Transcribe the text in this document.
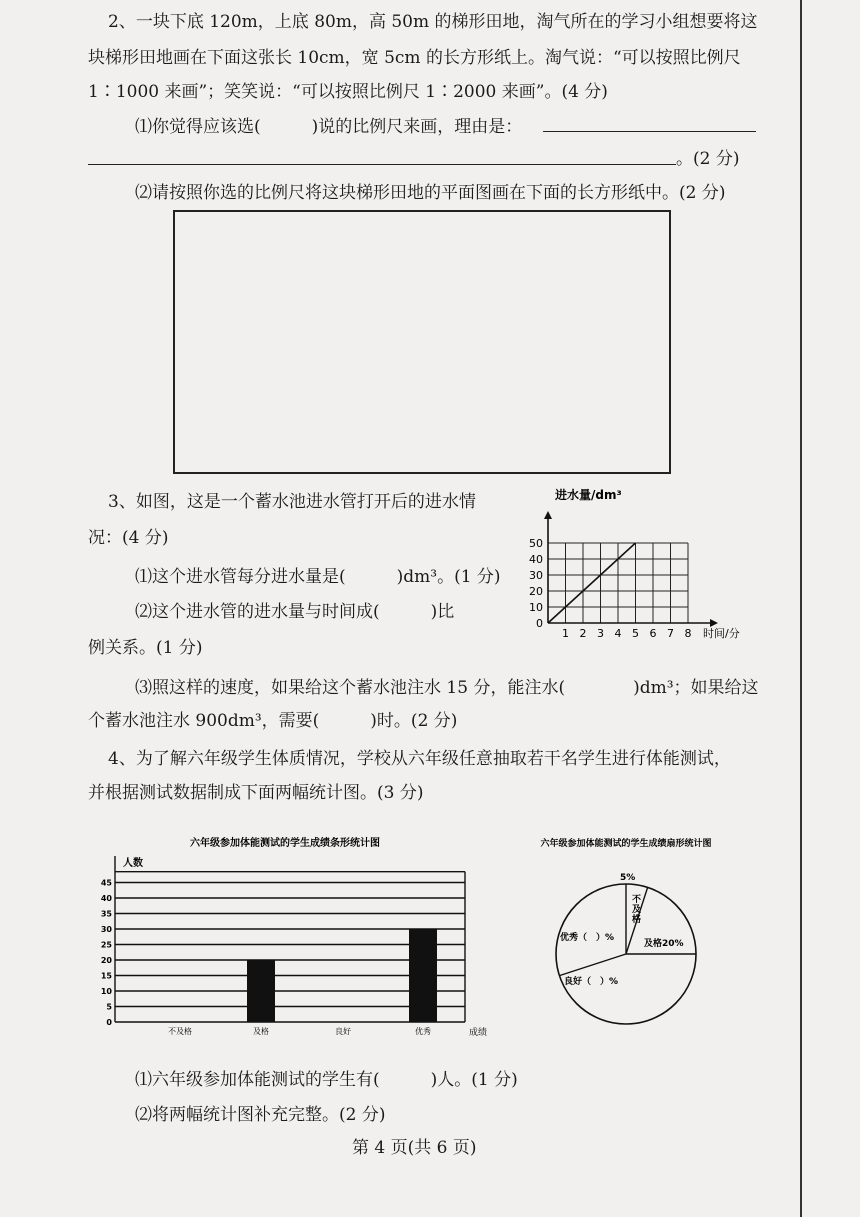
2、一块下底 120m，上底 80m，高 50m 的梯形田地，淘气所在的学习小组想要将这
块梯形田地画在下面这张长 10cm，宽 5cm 的长方形纸上。淘气说：“可以按照比例尺
1∶1000 来画”；笑笑说：“可以按照比例尺 1∶2000 来画”。(4 分)
⑴你觉得应该选(　　　)说的比例尺来画，理由是：
。(2 分)
⑵请按照你选的比例尺将这块梯形田地的平面图画在下面的长方形纸中。(2 分)
3、如图，这是一个蓄水池进水管打开后的进水情
况：(4 分)
⑴这个进水管每分进水量是(　　　)dm³。(1 分)
⑵这个进水管的进水量与时间成(　　　)比
例关系。(1 分)
⑶照这样的速度，如果给这个蓄水池注水 15 分，能注水(　　　　)dm³；如果给这
个蓄水池注水 900dm³，需要(　　　)时。(2 分)
进水量/dm³
时间/分
1 2 3 4 5 6 7 8
0
10
20
30
40
50
4、为了解六年级学生体质情况，学校从六年级任意抽取若干名学生进行体能测试，
并根据测试数据制成下面两幅统计图。(3 分)
六年级参加体能测试的学生成绩条形统计图
人数
成绩
0
5
10
15
20
25
30
35
40
45
不及格	及格	良好	优秀
六年级参加体能测试的学生成绩扇形统计图
5%
不
及
格
及格20%
良好（　）%
优秀（　）%
⑴六年级参加体能测试的学生有(　　　)人。(1 分)
⑵将两幅统计图补充完整。(2 分)
第 4 页(共 6 页)
